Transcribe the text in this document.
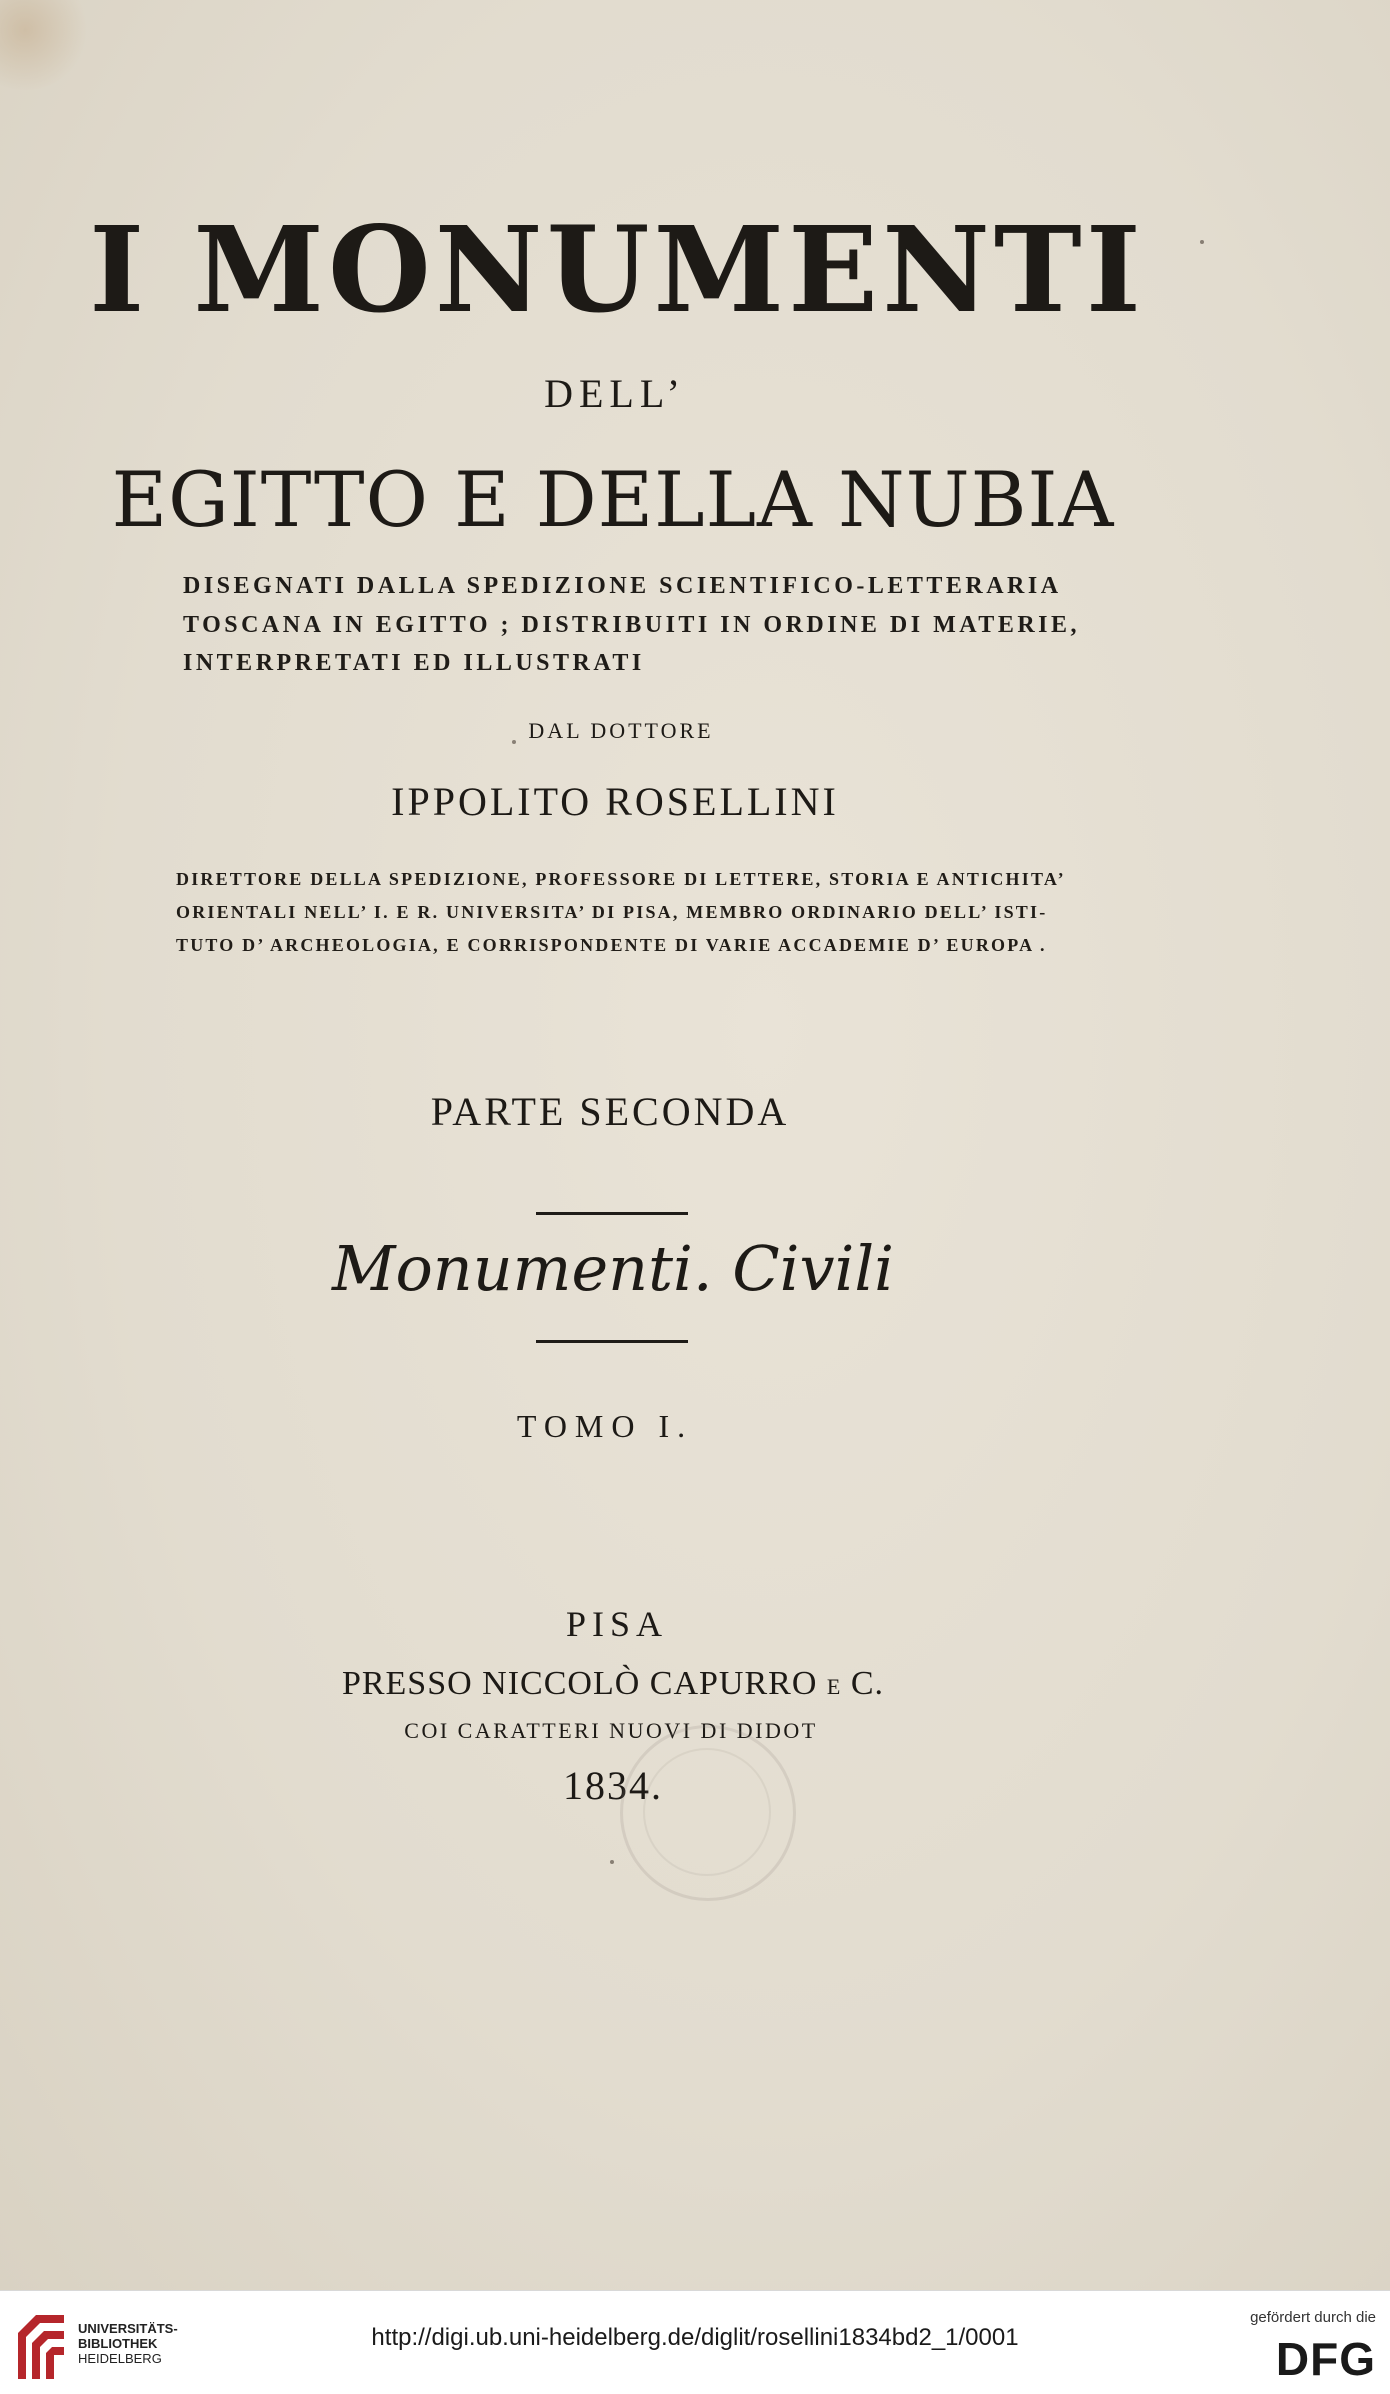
I MONUMENTI
DELL’
EGITTO E DELLA NUBIA
DISEGNATI DALLA SPEDIZIONE SCIENTIFICO-LETTERARIA
TOSCANA IN EGITTO ; DISTRIBUITI IN ORDINE DI MATERIE,
INTERPRETATI ED ILLUSTRATI
DAL DOTTORE
IPPOLITO ROSELLINI
DIRETTORE DELLA SPEDIZIONE, PROFESSORE DI LETTERE, STORIA E ANTICHITA’
ORIENTALI NELL’ I. E R. UNIVERSITA’ DI PISA, MEMBRO ORDINARIO DELL’ ISTI-
TUTO D’ ARCHEOLOGIA, E CORRISPONDENTE DI VARIE ACCADEMIE D’ EUROPA .
PARTE SECONDA
Monumenti. Civili
TOMO I.
PISA
PRESSO NICCOLÒ CAPURRO E C.
COI CARATTERI NUOVI DI DIDOT
1834.
UNIVERSITÄTS-
BIBLIOTHEK
HEIDELBERG
http://digi.ub.uni-heidelberg.de/diglit/rosellini1834bd2_1/0001
gefördert durch die
DFG
